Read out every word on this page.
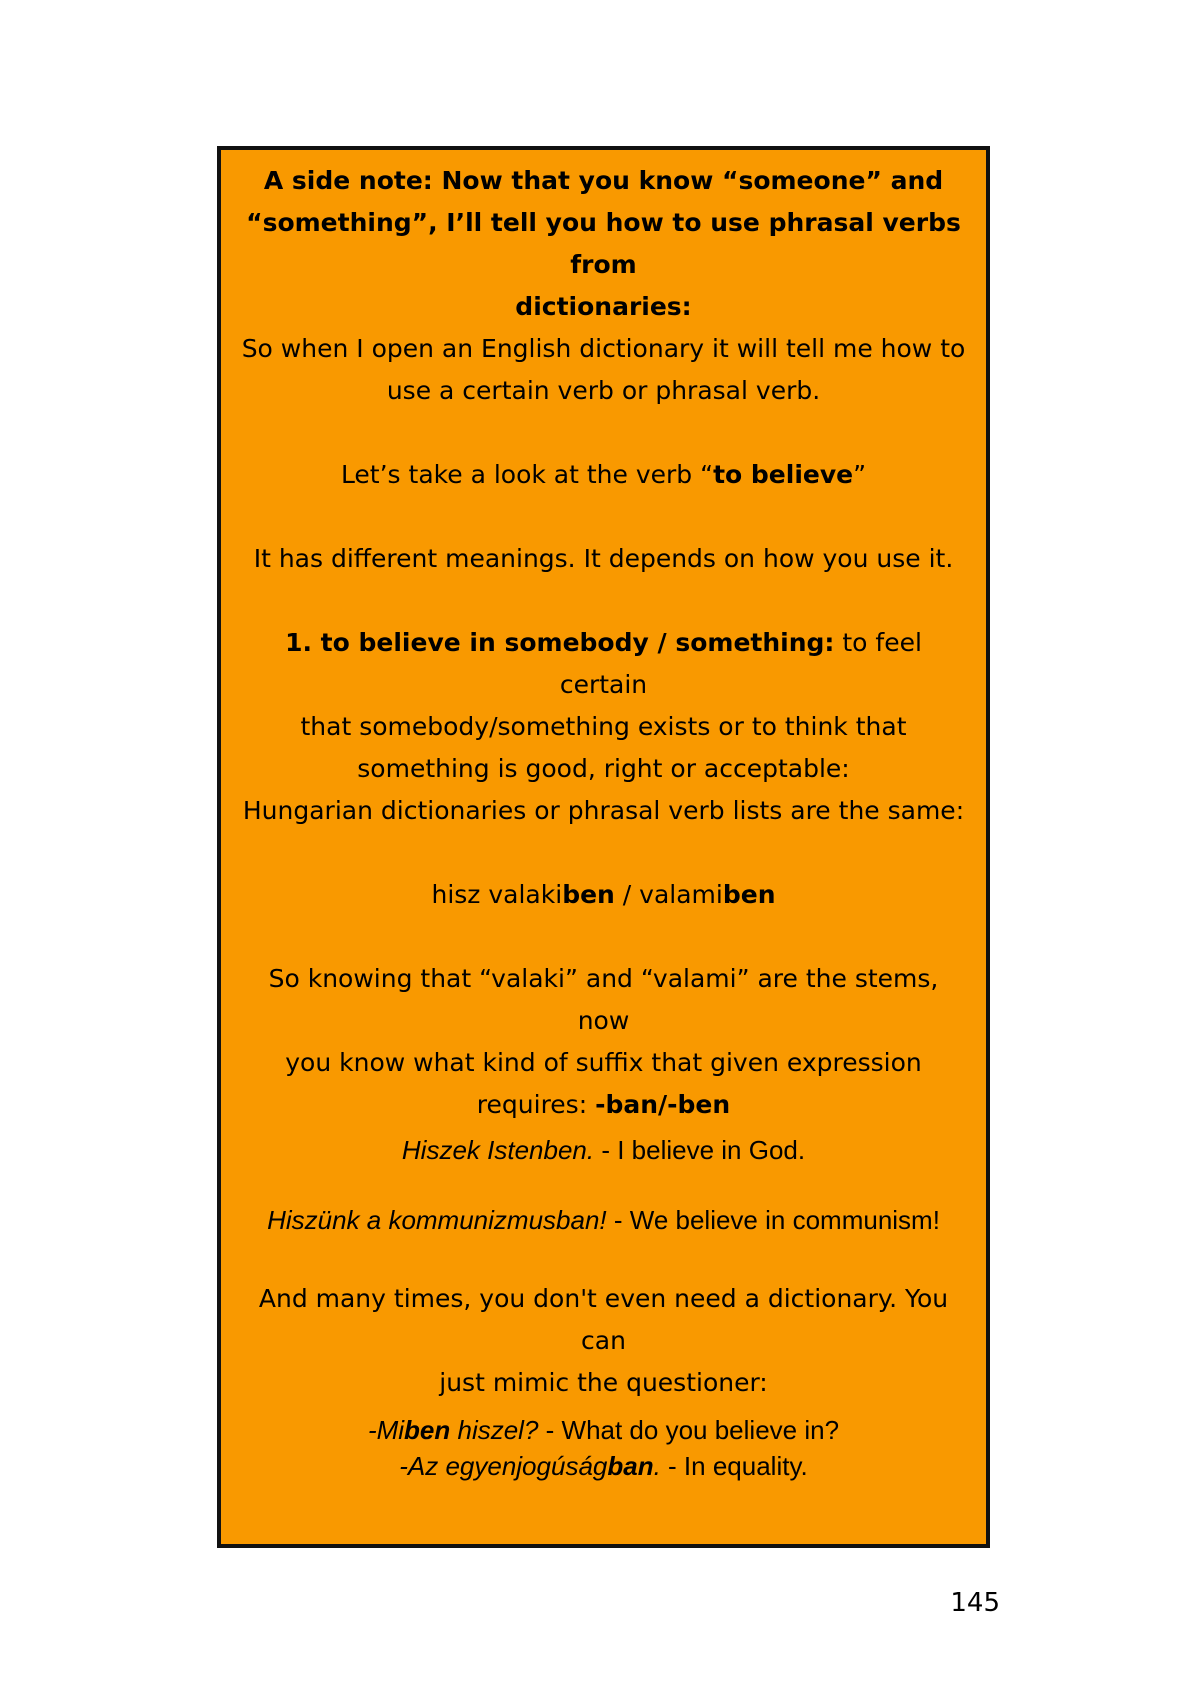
A side note: Now that you know “someone” and
“something”, I’ll tell you how to use phrasal verbs from
dictionaries:

So when I open an English dictionary it will tell me how to
use a certain verb or phrasal verb.

Let’s take a look at the verb “to believe”

It has different meanings. It depends on how you use it.

1. to believe in somebody / something: to feel certain
that somebody/something exists or to think that
something is good, right or acceptable:

Hungarian dictionaries or phrasal verb lists are the same:

hisz valakiben / valamiben

So knowing that “valaki” and “valami” are the stems, now
you know what kind of suffix that given expression
requires: -ban/-ben

Hiszek Istenben. - I believe in God.

Hiszünk a kommunizmusban! - We believe in communism!

And many times, you don't even need a dictionary. You can
just mimic the questioner:

-Miben hiszel? - What do you believe in?
-Az egyenjogúságban. - In equality.

145
